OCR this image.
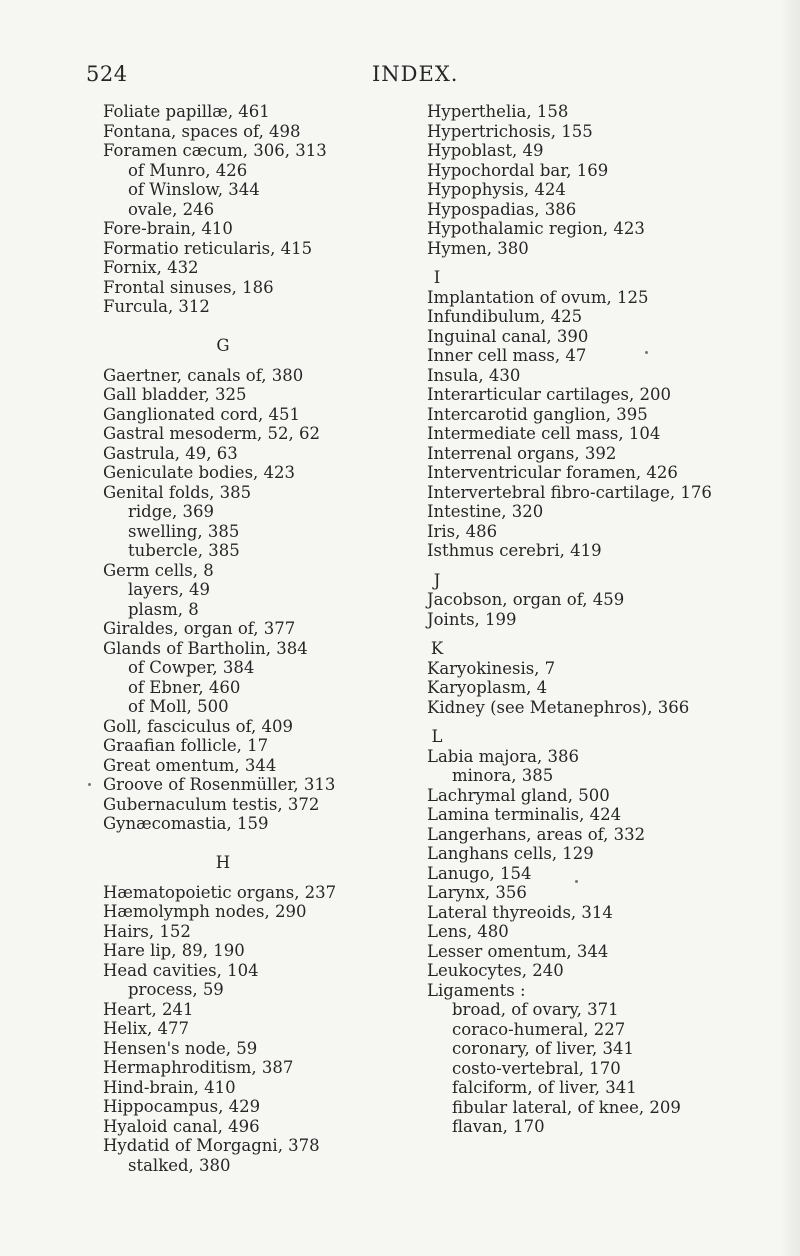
524	INDEX.
Foliate papillæ, 461
Fontana, spaces of, 498
Foramen cæcum, 306, 313
of Munro, 426
of Winslow, 344
ovale, 246
Fore-brain, 410
Formatio reticularis, 415
Fornix, 432
Frontal sinuses, 186
Furcula, 312
G
Gaertner, canals of, 380
Gall bladder, 325
Ganglionated cord, 451
Gastral mesoderm, 52, 62
Gastrula, 49, 63
Geniculate bodies, 423
Genital folds, 385
ridge, 369
swelling, 385
tubercle, 385
Germ cells, 8
layers, 49
plasm, 8
Giraldes, organ of, 377
Glands of Bartholin, 384
of Cowper, 384
of Ebner, 460
of Moll, 500
Goll, fasciculus of, 409
Graafian follicle, 17
Great omentum, 344
Groove of Rosenmüller, 313
Gubernaculum testis, 372
Gynæcomastia, 159
H
Hæmatopoietic organs, 237
Hæmolymph nodes, 290
Hairs, 152
Hare lip, 89, 190
Head cavities, 104
process, 59
Heart, 241
Helix, 477
Hensen's node, 59
Hermaphroditism, 387
Hind-brain, 410
Hippocampus, 429
Hyaloid canal, 496
Hydatid of Morgagni, 378
stalked, 380
Hyperthelia, 158
Hypertrichosis, 155
Hypoblast, 49
Hypochordal bar, 169
Hypophysis, 424
Hypospadias, 386
Hypothalamic region, 423
Hymen, 380
I
Implantation of ovum, 125
Infundibulum, 425
Inguinal canal, 390
Inner cell mass, 47
Insula, 430
Interarticular cartilages, 200
Intercarotid ganglion, 395
Intermediate cell mass, 104
Interrenal organs, 392
Interventricular foramen, 426
Intervertebral fibro-cartilage, 176
Intestine, 320
Iris, 486
Isthmus cerebri, 419
J
Jacobson, organ of, 459
Joints, 199
K
Karyokinesis, 7
Karyoplasm, 4
Kidney (see Metanephros), 366
L
Labia majora, 386
minora, 385
Lachrymal gland, 500
Lamina terminalis, 424
Langerhans, areas of, 332
Langhans cells, 129
Lanugo, 154
Larynx, 356
Lateral thyreoids, 314
Lens, 480
Lesser omentum, 344
Leukocytes, 240
Ligaments :
broad, of ovary, 371
coraco-humeral, 227
coronary, of liver, 341
costo-vertebral, 170
falciform, of liver, 341
fibular lateral, of knee, 209
flavan, 170
